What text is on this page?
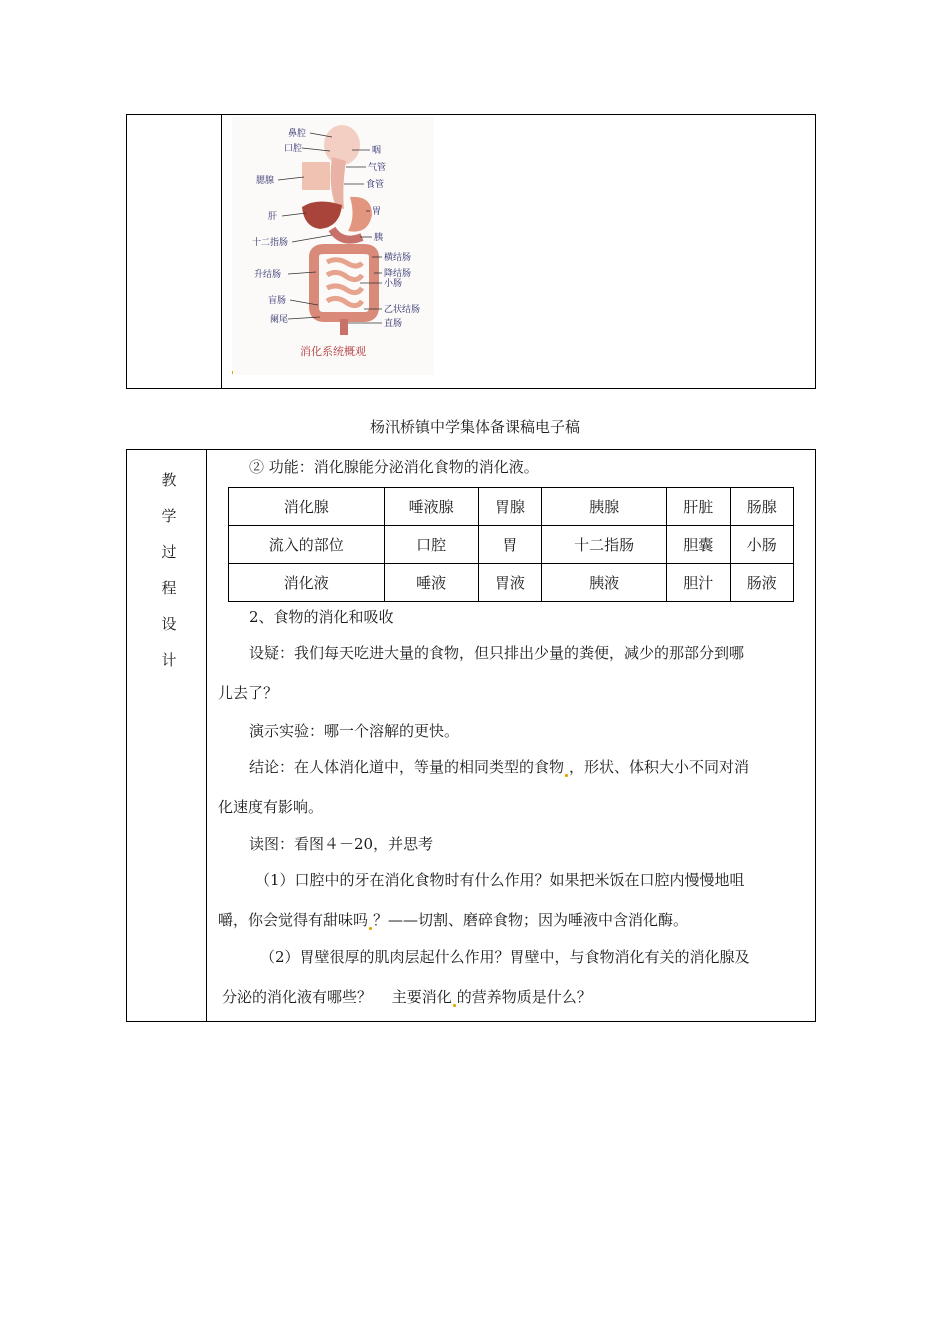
鼻腔
口腔
腮腺
肝
十二指肠
升结肠
盲肠
阑尾
咽
气管
食管
胃
胰
横结肠
降结肠
小肠
乙状结肠
直肠
消化系统概观
杨汛桥镇中学集体备课稿电子稿
教
学
过
程
设
计
② 功能：消化腺能分泌消化食物的消化液。
消化腺	唾液腺	胃腺	胰腺	肝脏	肠腺
流入的部位	口腔	胃	十二指肠	胆囊	小肠
消化液	唾液	胃液	胰液	胆汁	肠液
2、食物的消化和吸收
设疑：我们每天吃进大量的食物，但只排出少量的粪便，减少的那部分到哪
儿去了？
演示实验：哪一个溶解的更快。
结论：在人体消化道中，等量的相同类型的食物 ，形状、体积大小不同对消
化速度有影响。
读图：看图４－20，并思考
（1）口腔中的牙在消化食物时有什么作用？如果把米饭在口腔内慢慢地咀
嚼，你会觉得有甜味吗 ？——切割、磨碎食物；因为唾液中含消化酶。
（2）胃壁很厚的肌肉层起什么作用？胃壁中，与食物消化有关的消化腺及
分泌的消化液有哪些？　 主要消化 的营养物质是什么？
